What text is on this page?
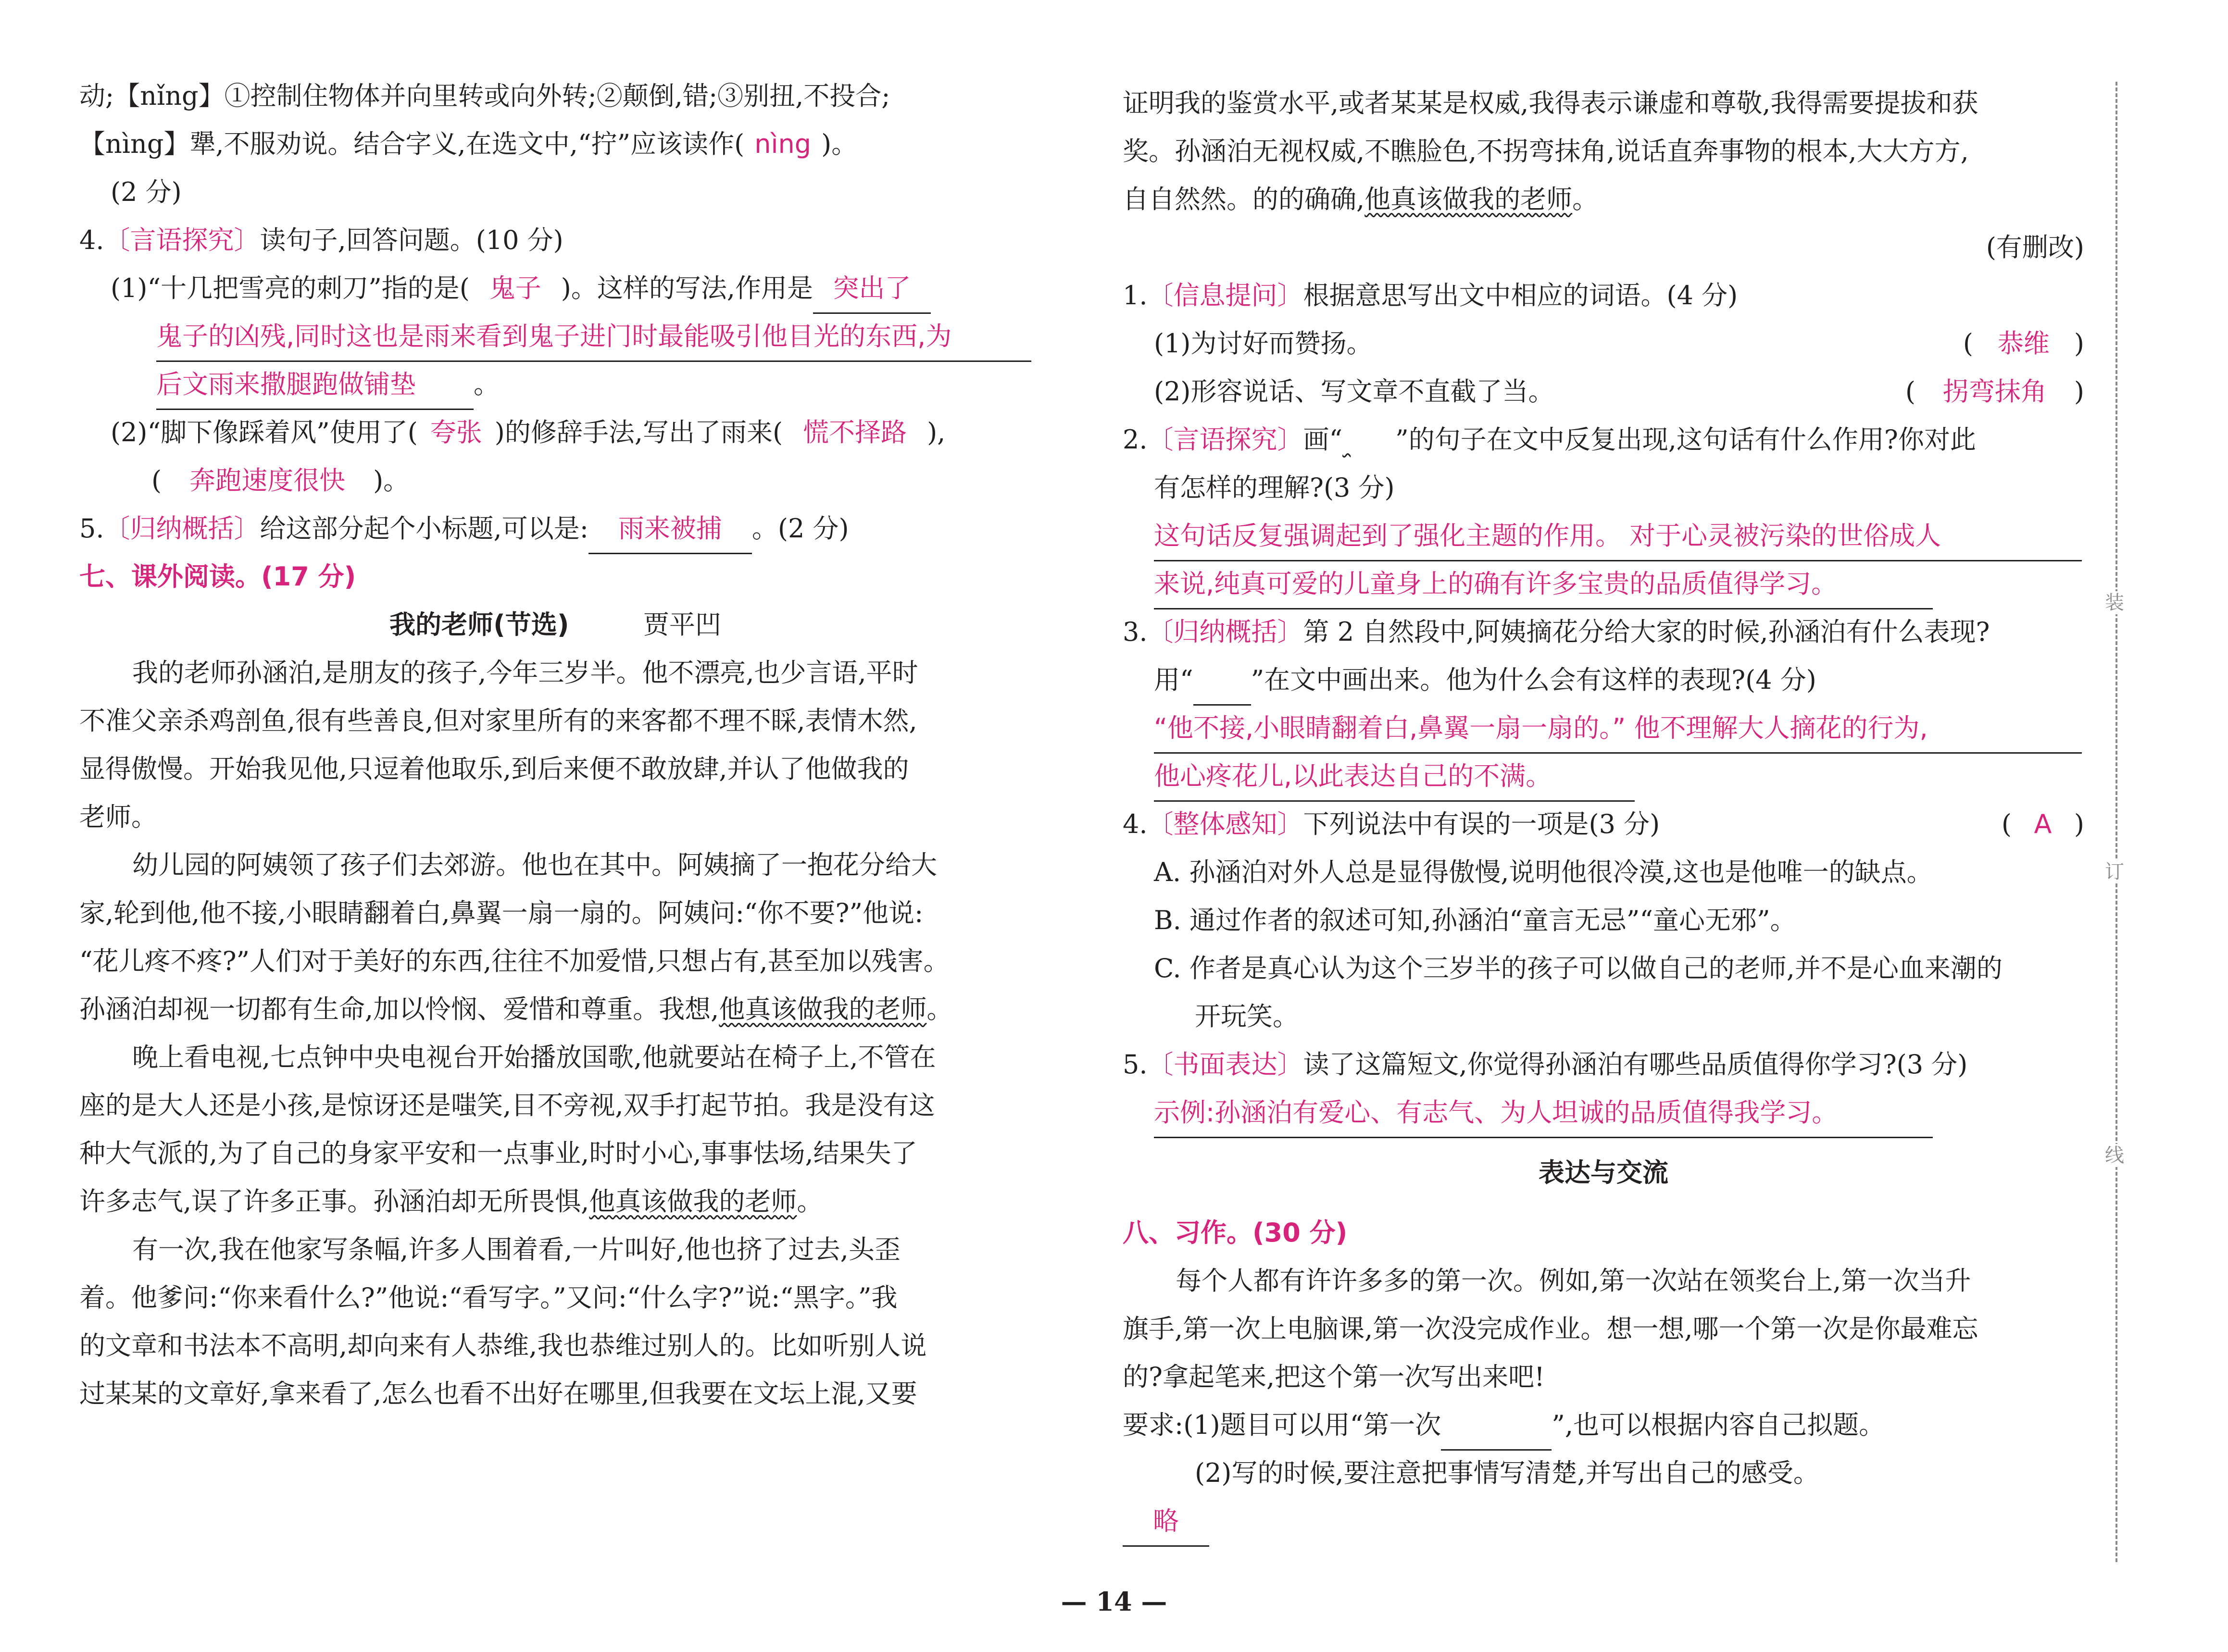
动;【nǐng】①控制住物体并向里转或向外转;②颠倒,错;③别扭,不投合;
【nìng】犟,不服劝说。结合字义,在选文中,“拧”应该读作( nìng )。
(2 分)
4.〔言语探究〕读句子,回答问题。(10 分)
(1)“十几把雪亮的刺刀”指的是( 鬼子 )。这样的写法,作用是 突出了
鬼子的凶残,同时这也是雨来看到鬼子进门时最能吸引他目光的东西,为
后文雨来撒腿跑做铺垫 。
(2)“脚下像踩着风”使用了( 夸张 )的修辞手法,写出了雨来( 慌不择路 ),
( 奔跑速度很快 )。
5.〔归纳概括〕给这部分起个小标题,可以是: 雨来被捕 。(2 分)
七、课外阅读。(17 分)
我的老师(节选)	贾平凹
我的老师孙涵泊,是朋友的孩子,今年三岁半。他不漂亮,也少言语,平时
不准父亲杀鸡剖鱼,很有些善良,但对家里所有的来客都不理不睬,表情木然,
显得傲慢。开始我见他,只逗着他取乐,到后来便不敢放肆,并认了他做我的
老师。
幼儿园的阿姨领了孩子们去郊游。他也在其中。阿姨摘了一抱花分给大
家,轮到他,他不接,小眼睛翻着白,鼻翼一扇一扇的。阿姨问:“你不要?”他说:
“花儿疼不疼?”人们对于美好的东西,往往不加爱惜,只想占有,甚至加以残害。
孙涵泊却视一切都有生命,加以怜悯、爱惜和尊重。我想,他真该做我的老师。
晚上看电视,七点钟中央电视台开始播放国歌,他就要站在椅子上,不管在
座的是大人还是小孩,是惊讶还是嗤笑,目不旁视,双手打起节拍。我是没有这
种大气派的,为了自己的身家平安和一点事业,时时小心,事事怯场,结果失了
许多志气,误了许多正事。孙涵泊却无所畏惧,他真该做我的老师。
有一次,我在他家写条幅,许多人围着看,一片叫好,他也挤了过去,头歪
着。他爹问:“你来看什么?”他说:“看写字。”又问:“什么字?”说:“黑字。”我
的文章和书法本不高明,却向来有人恭维,我也恭维过别人的。比如听别人说
过某某的文章好,拿来看了,怎么也看不出好在哪里,但我要在文坛上混,又要
证明我的鉴赏水平,或者某某是权威,我得表示谦虚和尊敬,我得需要提拔和获
奖。孙涵泊无视权威,不瞧脸色,不拐弯抹角,说话直奔事物的根本,大大方方,
自自然然。的的确确,他真该做我的老师。
(有删改)
1.〔信息提问〕根据意思写出文中相应的词语。(4 分)
(1)为讨好而赞扬。	( 恭维 )
(2)形容说话、写文章不直截了当。	( 拐弯抹角 )
2.〔言语探究〕画“ ”的句子在文中反复出现,这句话有什么作用?你对此
有怎样的理解?(3 分)
这句话反复强调起到了强化主题的作用。 对于心灵被污染的世俗成人
来说,纯真可爱的儿童身上的确有许多宝贵的品质值得学习。
3.〔归纳概括〕第 2 自然段中,阿姨摘花分给大家的时候,孙涵泊有什么表现?
用“ ”在文中画出来。他为什么会有这样的表现?(4 分)
“他不接,小眼睛翻着白,鼻翼一扇一扇的。” 他不理解大人摘花的行为,
他心疼花儿,以此表达自己的不满。
4.〔整体感知〕下列说法中有误的一项是(3 分)	( A )
A. 孙涵泊对外人总是显得傲慢,说明他很冷漠,这也是他唯一的缺点。
B. 通过作者的叙述可知,孙涵泊“童言无忌”“童心无邪”。
C. 作者是真心认为这个三岁半的孩子可以做自己的老师,并不是心血来潮的
开玩笑。
5.〔书面表达〕读了这篇短文,你觉得孙涵泊有哪些品质值得你学习?(3 分)
示例:孙涵泊有爱心、有志气、为人坦诚的品质值得我学习。
表达与交流
八、习作。(30 分)
每个人都有许许多多的第一次。例如,第一次站在领奖台上,第一次当升
旗手,第一次上电脑课,第一次没完成作业。想一想,哪一个第一次是你最难忘
的?拿起笔来,把这个第一次写出来吧!
要求:(1)题目可以用“第一次	”,也可以根据内容自己拟题。
(2)写的时候,要注意把事情写清楚,并写出自己的感受。
略
装
订
线
— 14 —
